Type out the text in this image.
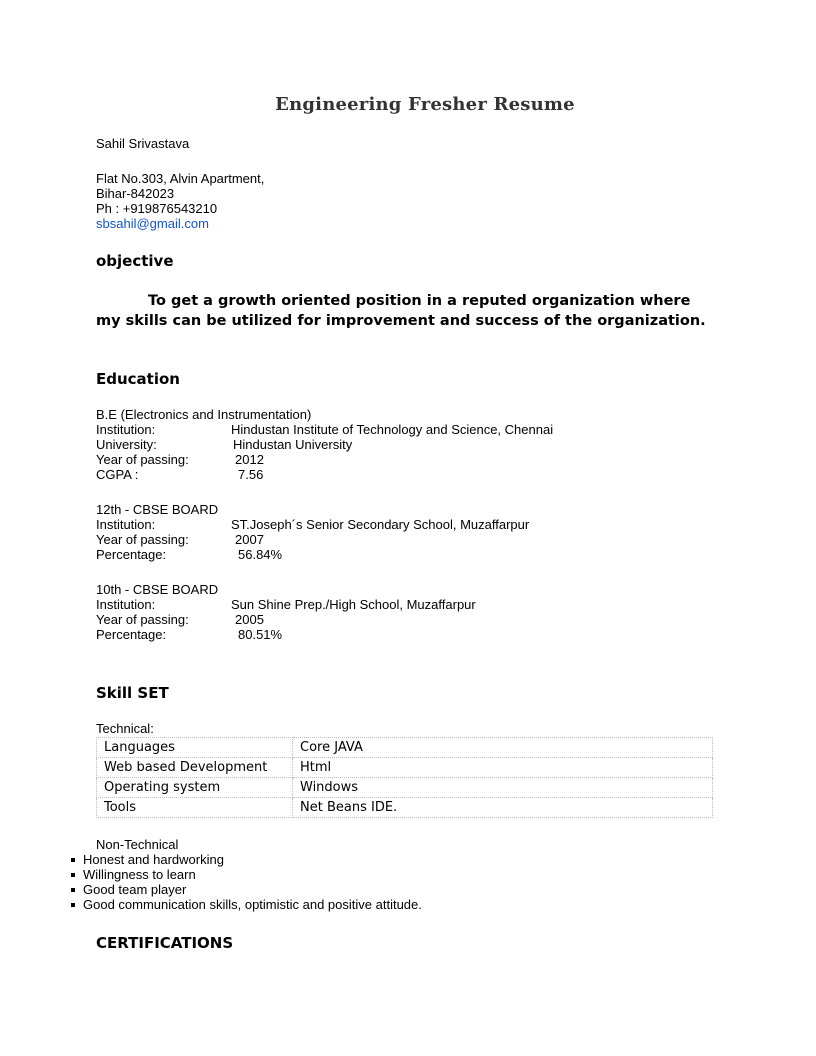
Engineering Fresher Resume
Sahil Srivastava
Flat No.303, Alvin Apartment,
Bihar-842023
Ph : +919876543210
sbsahil@gmail.com
objective
To get a growth oriented position in a reputed organization where my skills can be utilized for improvement and success of the organization.
Education
B.E (Electronics and Instrumentation)
Institution:	Hindustan Institute of Technology and Science, Chennai
University:	Hindustan University
Year of passing:	2012
CGPA :	7.56
12th - CBSE BOARD
Institution:	ST.Joseph´s Senior Secondary School, Muzaffarpur
Year of passing:	2007
Percentage:	56.84%
10th - CBSE BOARD
Institution:	Sun Shine Prep./High School, Muzaffarpur
Year of passing:	2005
Percentage:	80.51%
Skill SET
Technical:
Languages	Core JAVA
Web based Development	Html
Operating system	Windows
Tools	Net Beans IDE.
Non-Technical
Honest and hardworking
Willingness to learn
Good team player
Good communication skills, optimistic and positive attitude.
CERTIFICATIONS
